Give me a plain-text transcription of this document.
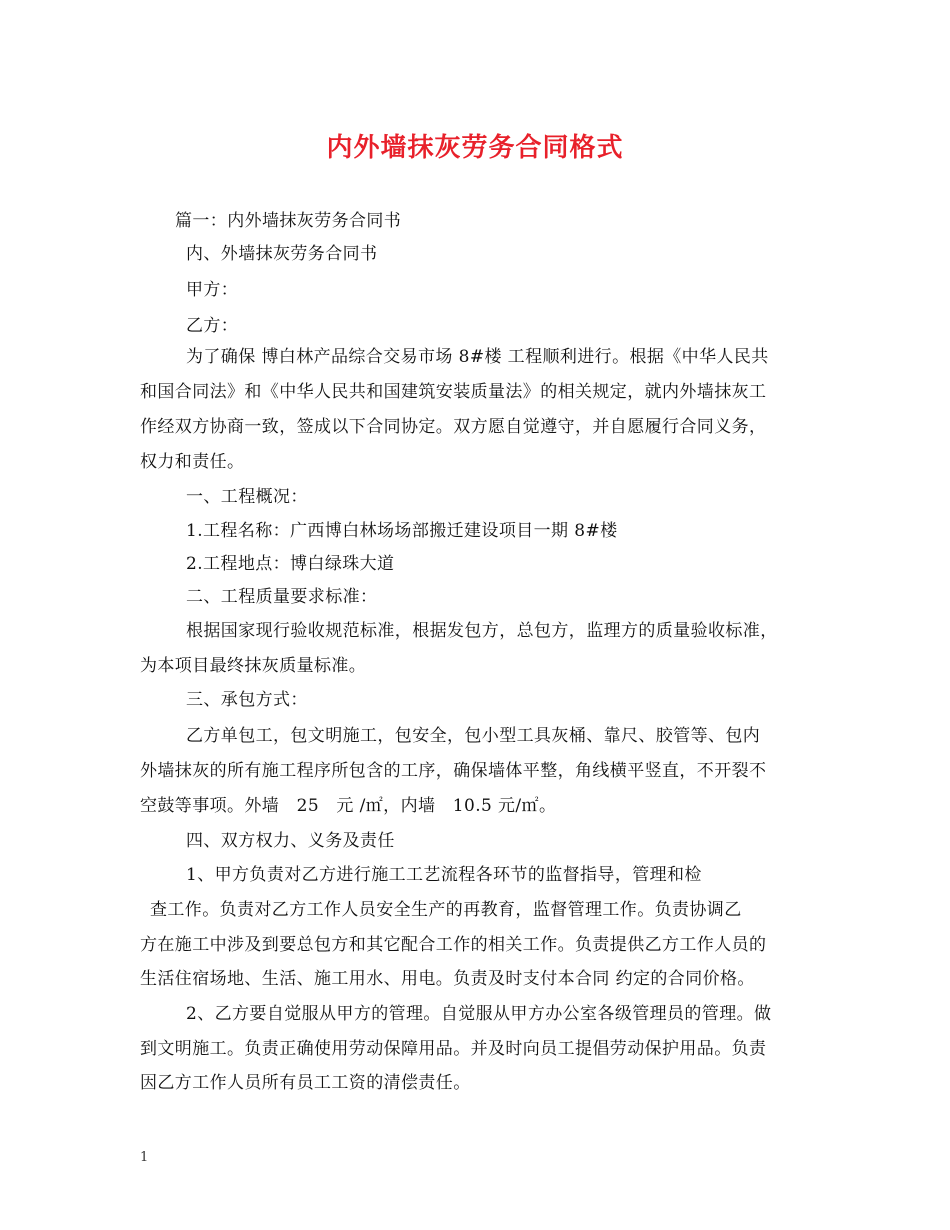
内外墙抹灰劳务合同格式
篇一：内外墙抹灰劳务合同书
内、外墙抹灰劳务合同书
甲方：
乙方：
为了确保 博白林产品综合交易市场 8#楼 工程顺利进行。根据《中华人民共
和国合同法》和《中华人民共和国建筑安装质量法》的相关规定，就内外墙抹灰工
作经双方协商一致，签成以下合同协定。双方愿自觉遵守，并自愿履行合同义务，
权力和责任。
一、工程概况：
1.工程名称：广西博白林场场部搬迁建设项目一期 8#楼
2.工程地点：博白绿珠大道
二、工程质量要求标准：
根据国家现行验收规范标准，根据发包方，总包方，监理方的质量验收标准，
为本项目最终抹灰质量标准。
三、承包方式：
乙方单包工，包文明施工，包安全，包小型工具灰桶、靠尺、胶管等、包内
外墙抹灰的所有施工程序所包含的工序，确保墙体平整，角线横平竖直，不开裂不
空鼓等事项。外墙　25　元 /㎡，内墙　10.5 元/㎡。
四、双方权力、义务及责任
1、甲方负责对乙方进行施工工艺流程各环节的监督指导，管理和检
查工作。负责对乙方工作人员安全生产的再教育，监督管理工作。负责协调乙
方在施工中涉及到要总包方和其它配合工作的相关工作。负责提供乙方工作人员的
生活住宿场地、生活、施工用水、用电。负责及时支付本合同 约定的合同价格。
2、乙方要自觉服从甲方的管理。自觉服从甲方办公室各级管理员的管理。做
到文明施工。负责正确使用劳动保障用品。并及时向员工提倡劳动保护用品。负责
因乙方工作人员所有员工工资的清偿责任。
1
